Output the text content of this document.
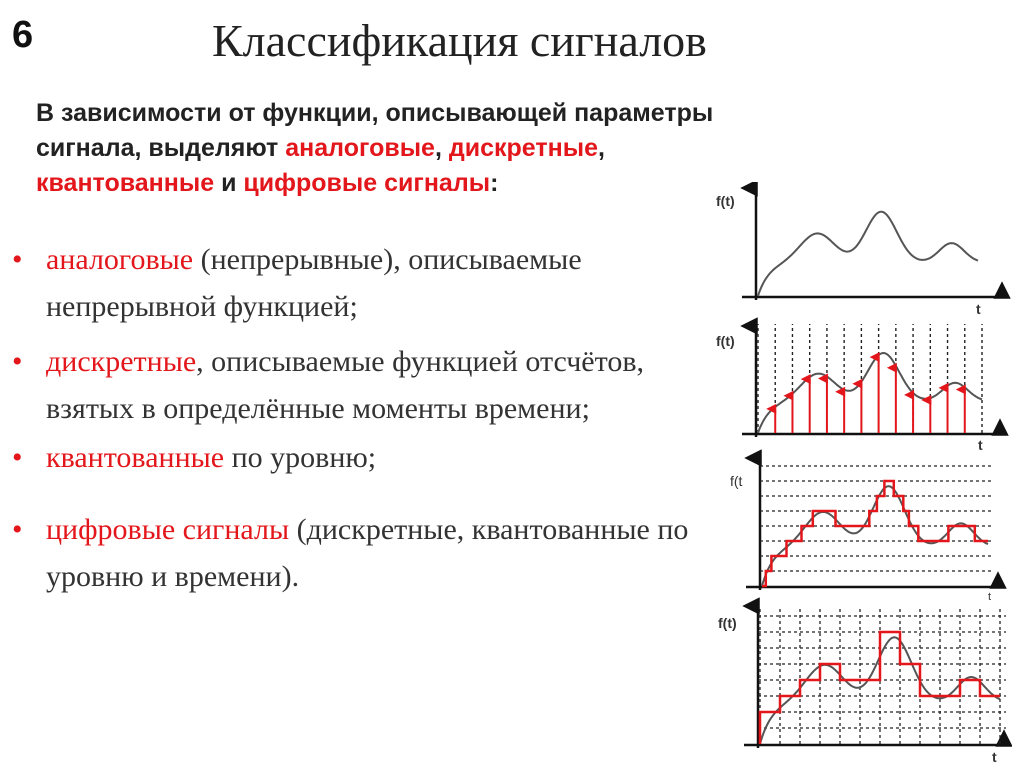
6	Классификация сигналов
В зависимости от функции, описывающей параметры сигнала, выделяют аналоговые, дискретные,
квантованные и цифровые сигналы:
• аналоговые (непрерывные), описываемые непрерывной функцией;
• дискретные, описываемые функцией отсчётов, взятых в определённые моменты времени;
• квантованные по уровню;
• цифровые сигналы (дискретные, квантованные по уровню и времени).
f(t)
t
f(t)
t
f(t
t
f(t)
t
